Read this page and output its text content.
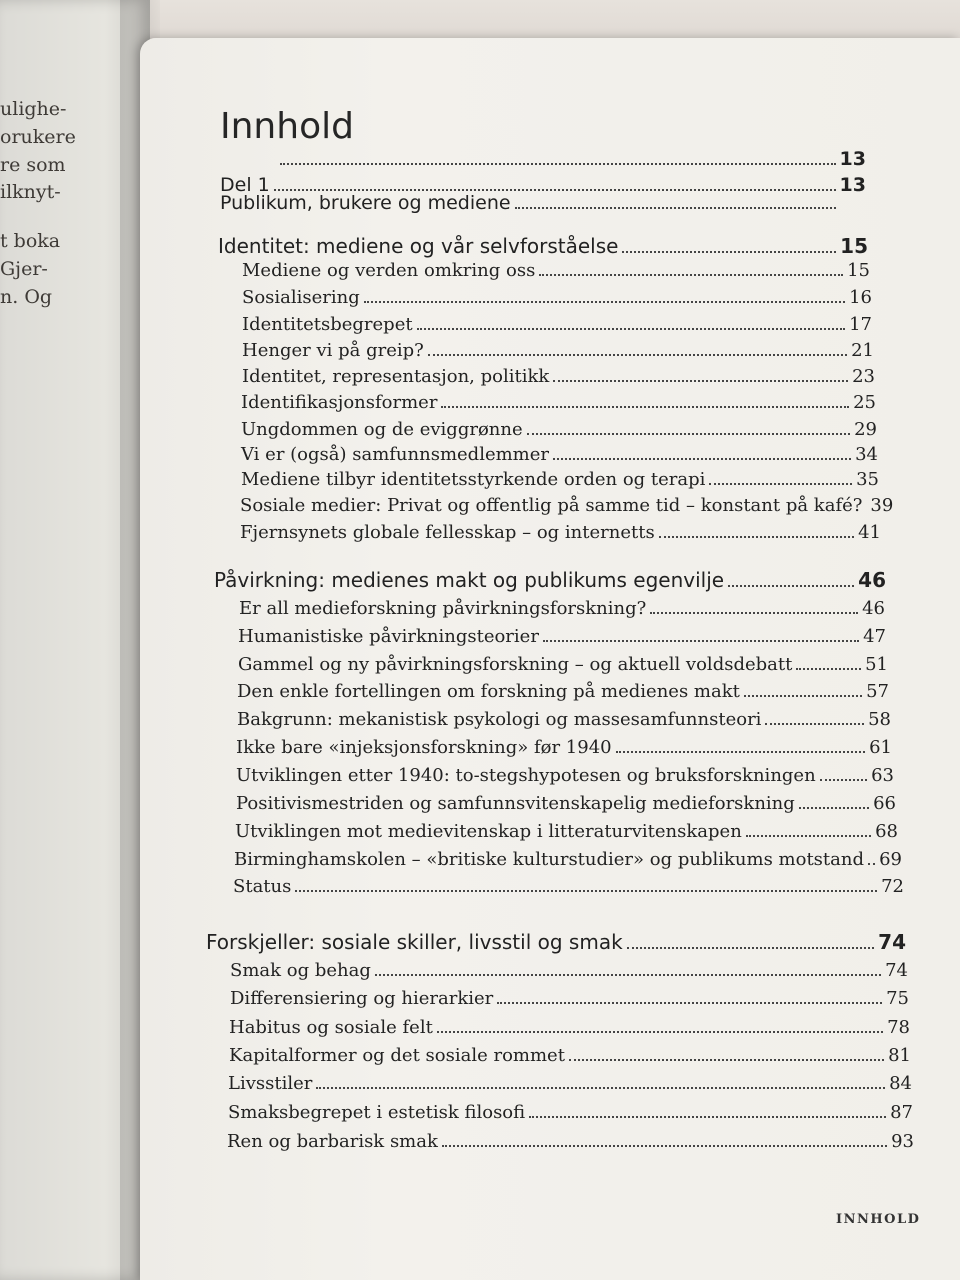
ulighe-
orukere
re som
ilknyt-
t boka
Gjer-
n. Og
Innhold
13
Del 1	13
Publikum, brukere og mediene
Identitet: mediene og vår selvforståelse	15
Mediene og verden omkring oss	15
Sosialisering	16
Identitetsbegrepet	17
Henger vi på greip?	21
Identitet, representasjon, politikk	23
Identifikasjonsformer	25
Ungdommen og de eviggrønne	29
Vi er (også) samfunnsmedlemmer	34
Mediene tilbyr identitetsstyrkende orden og terapi	35
Sosiale medier: Privat og offentlig på samme tid – konstant på kafé? 39
Fjernsynets globale fellesskap – og internetts	41
Påvirkning: medienes makt og publikums egenvilje	46
Er all medieforskning påvirkningsforskning?	46
Humanistiske påvirkningsteorier	47
Gammel og ny påvirkningsforskning – og aktuell voldsdebatt	51
Den enkle fortellingen om forskning på medienes makt	57
Bakgrunn: mekanistisk psykologi og massesamfunnsteori	58
Ikke bare «injeksjonsforskning» før 1940	61
Utviklingen etter 1940: to-stegshypotesen og bruksforskningen	63
Positivismestriden og samfunnsvitenskapelig medieforskning	66
Utviklingen mot medievitenskap i litteraturvitenskapen	68
Birminghamskolen – «britiske kulturstudier» og publikums motstand 69
Status	72
Forskjeller: sosiale skiller, livsstil og smak	74
Smak og behag	74
Differensiering og hierarkier	75
Habitus og sosiale felt	78
Kapitalformer og det sosiale rommet	81
Livsstiler	84
Smaksbegrepet i estetisk filosofi	87
Ren og barbarisk smak	93
INNHOLD
